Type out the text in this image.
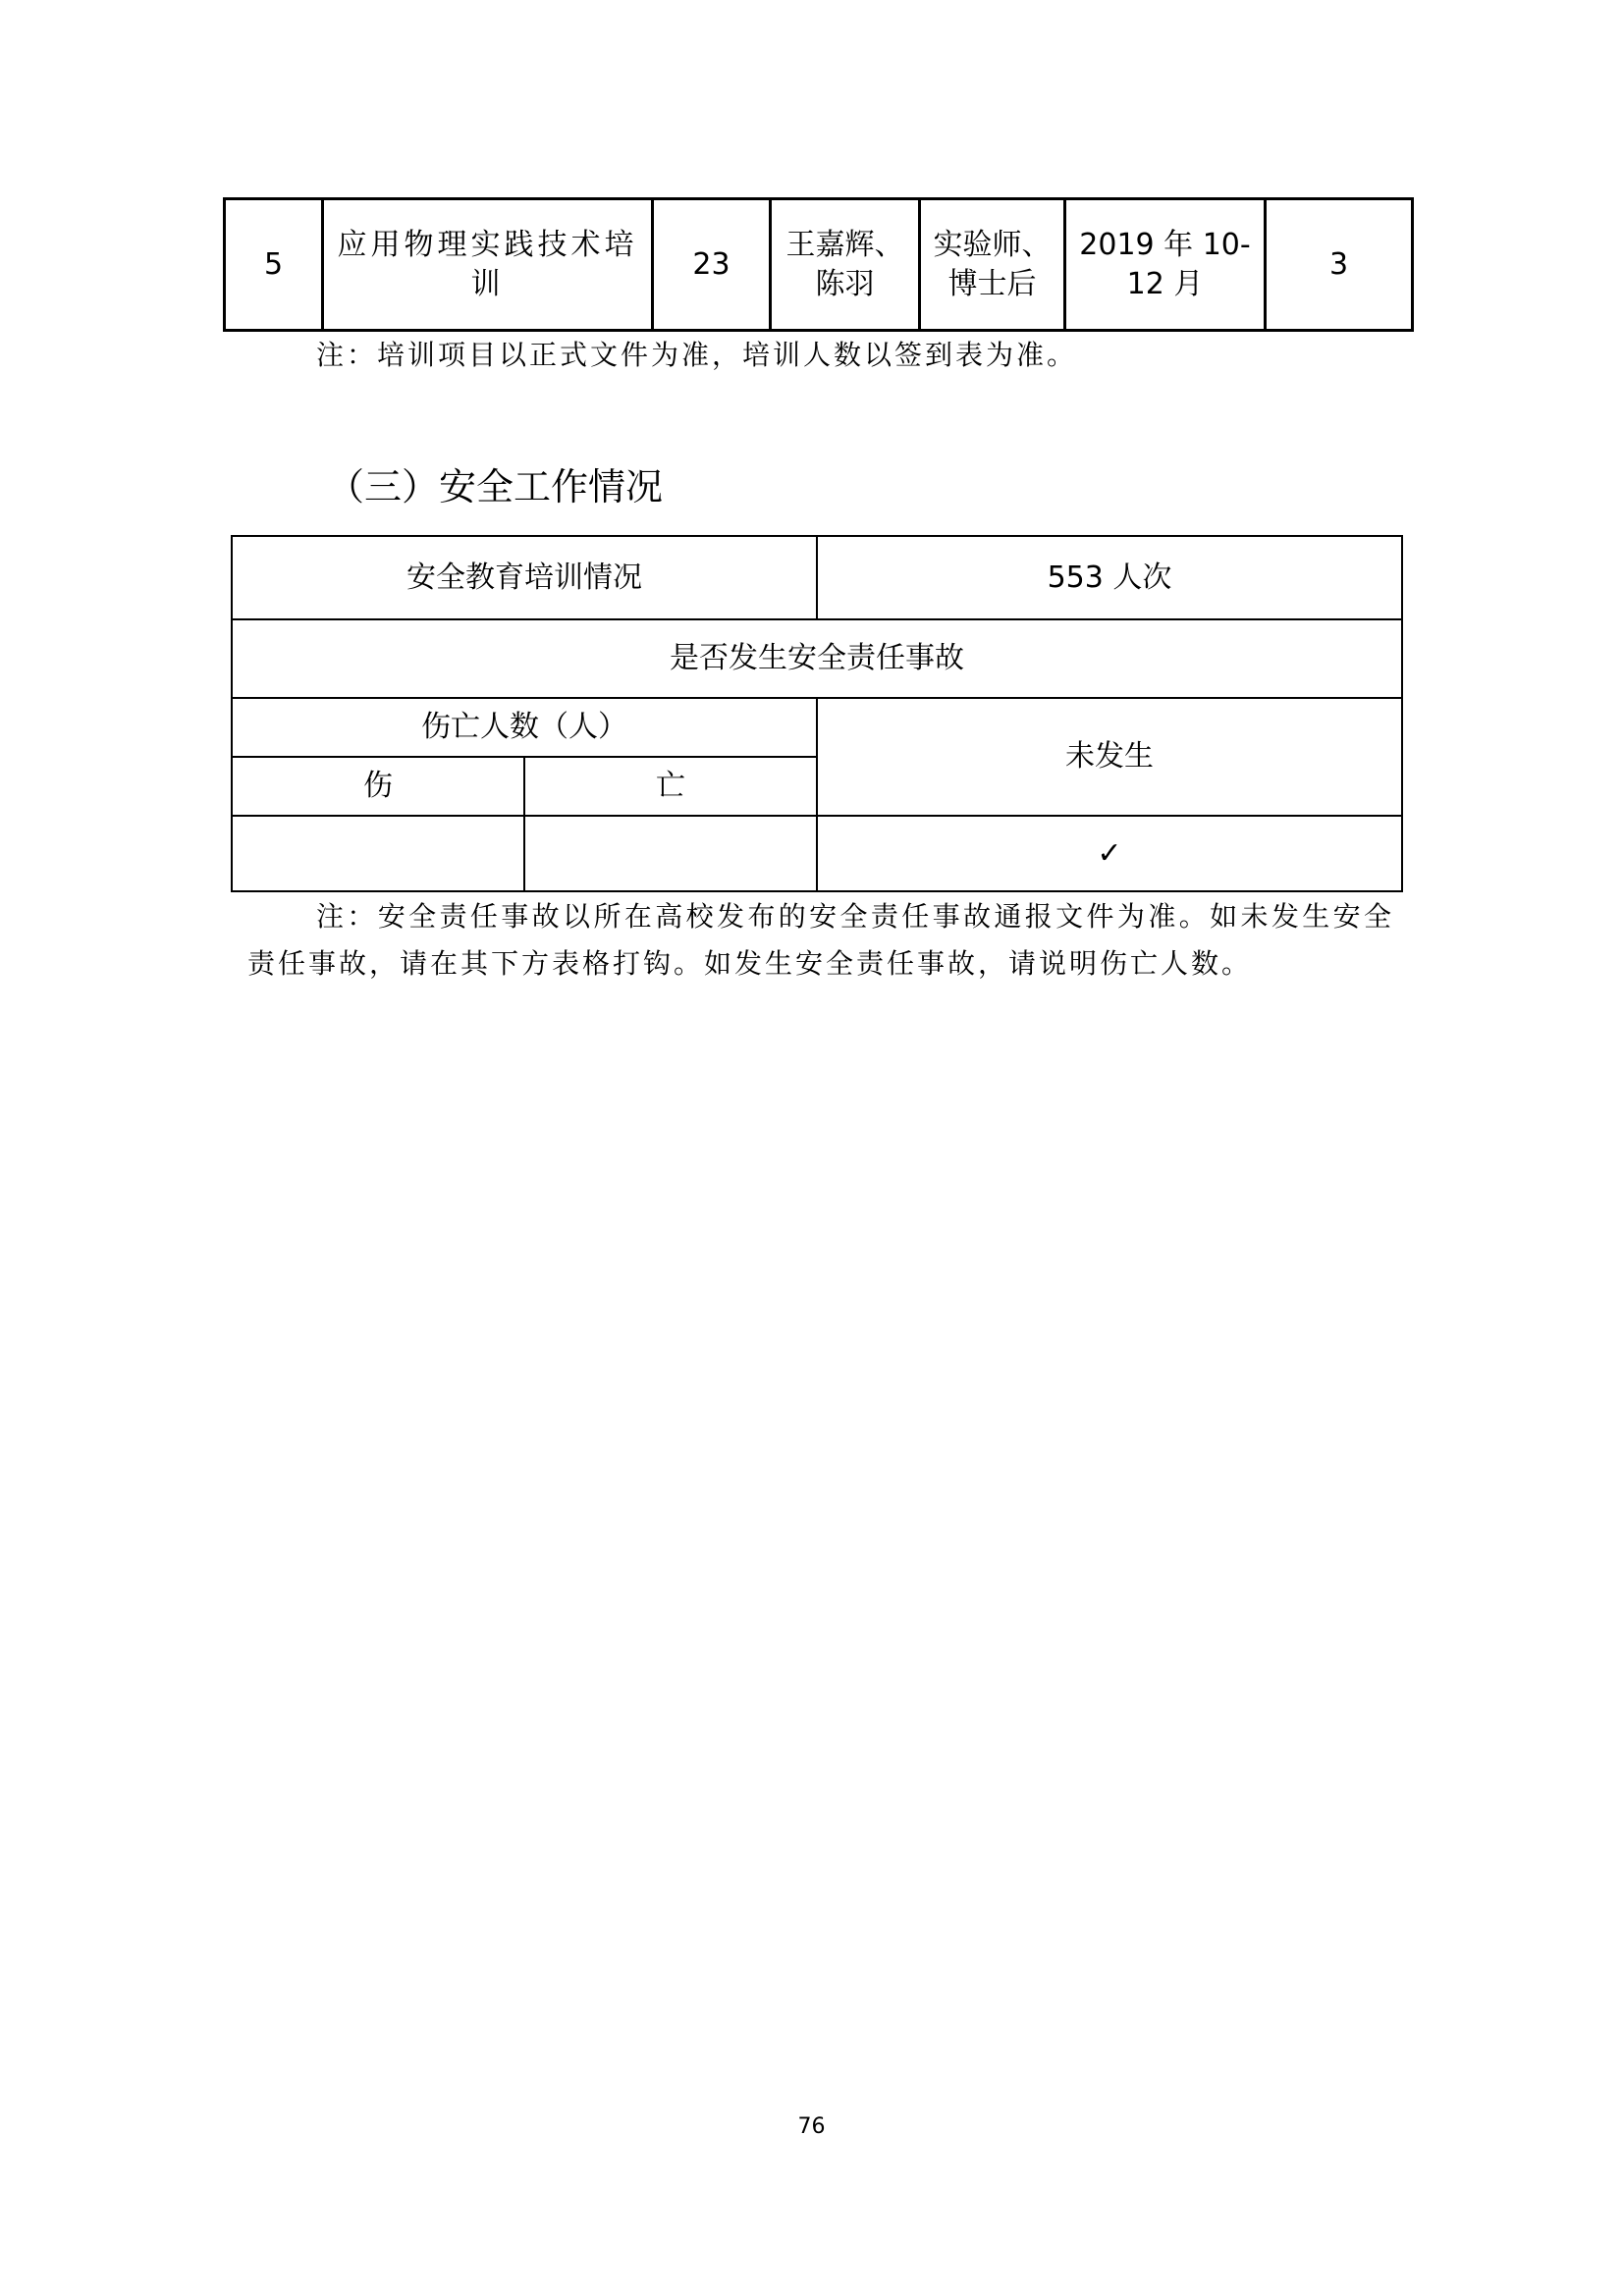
5	应用物理实践技术培训	23	王嘉辉、陈羽	实验师、博士后	2019 年 10-12 月	3
注：培训项目以正式文件为准，培训人数以签到表为准。
（三）安全工作情况
安全教育培训情况		553 人次
是否发生安全责任事故		
伤亡人数（人）		未发生
伤	亡	
		✓
注：安全责任事故以所在高校发布的安全责任事故通报文件为准。如未发生安全责任事故，请在其下方表格打钩。如发生安全责任事故，请说明伤亡人数。
76
